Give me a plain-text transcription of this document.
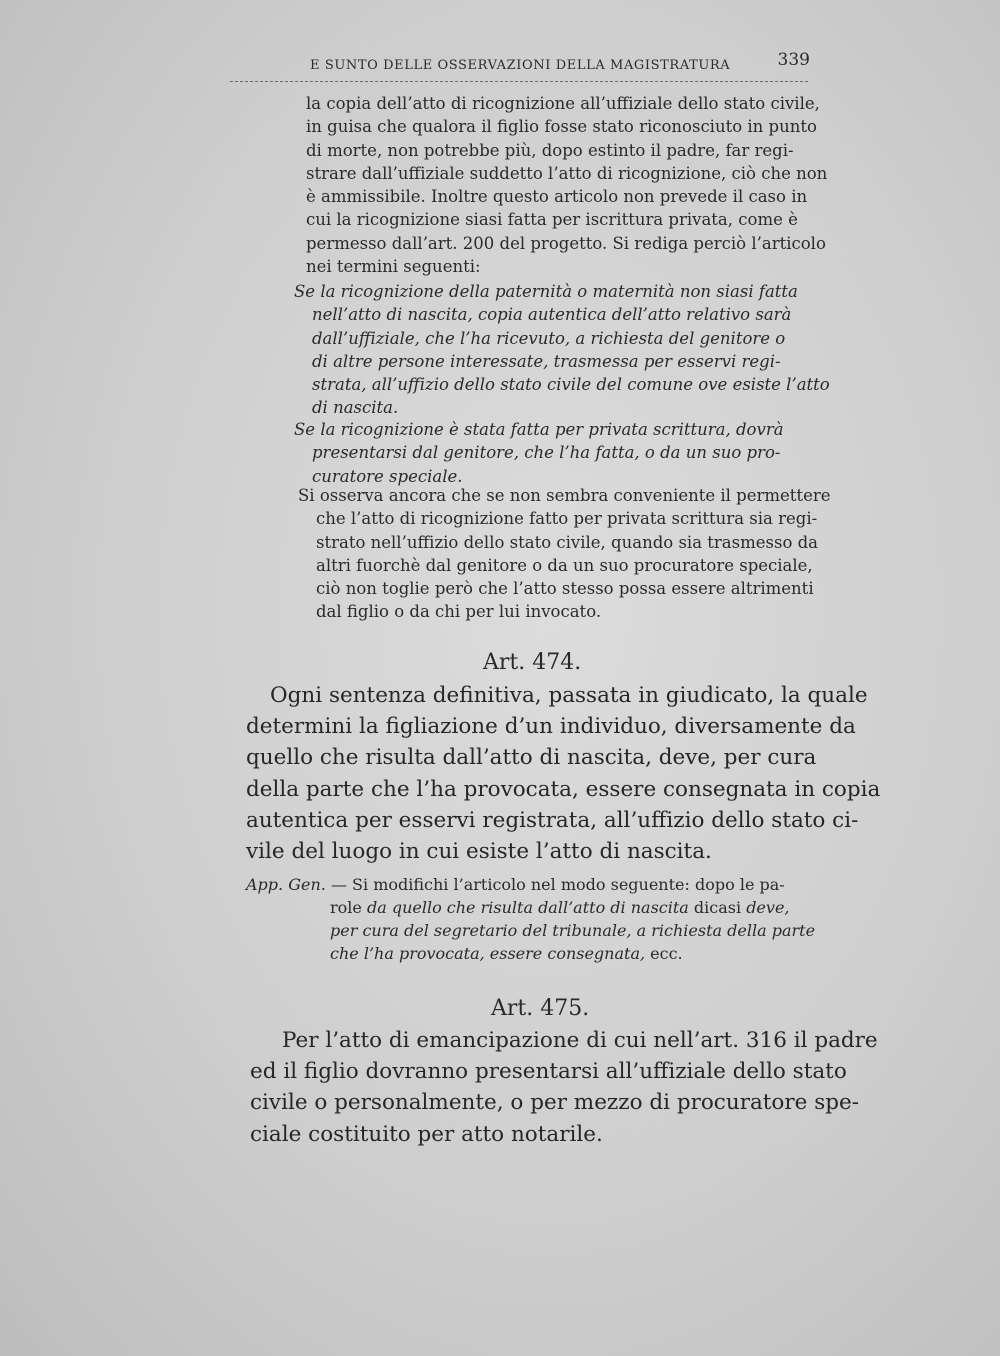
E SUNTO DELLE OSSERVAZIONI DELLA MAGISTRATURA	339
la copia dell’atto di ricognizione all’uffiziale dello stato civile,
in guisa che qualora il figlio fosse stato riconosciuto in punto
di morte, non potrebbe più, dopo estinto il padre, far regi-
strare dall’uffiziale suddetto l’atto di ricognizione, ciò che non
è ammissibile. Inoltre questo articolo non prevede il caso in
cui la ricognizione siasi fatta per iscrittura privata, come è
permesso dall’art. 200 del progetto. Si rediga perciò l’articolo
nei termini seguenti:
Se la ricognizione della paternità o maternità non siasi fatta
nell’atto di nascita, copia autentica dell’atto relativo sarà
dall’uffiziale, che l’ha ricevuto, a richiesta del genitore o
di altre persone interessate, trasmessa per esservi regi-
strata, all’uffizio dello stato civile del comune ove esiste l’atto
di nascita.
Se la ricognizione è stata fatta per privata scrittura, dovrà
presentarsi dal genitore, che l’ha fatta, o da un suo pro-
curatore speciale.
Si osserva ancora che se non sembra conveniente il permettere
che l’atto di ricognizione fatto per privata scrittura sia regi-
strato nell’uffizio dello stato civile, quando sia trasmesso da
altri fuorchè dal genitore o da un suo procuratore speciale,
ciò non toglie però che l’atto stesso possa essere altrimenti
dal figlio o da chi per lui invocato.
Art. 474.
Ogni sentenza definitiva, passata in giudicato, la quale
determini la figliazione d’un individuo, diversamente da
quello che risulta dall’atto di nascita, deve, per cura
della parte che l’ha provocata, essere consegnata in copia
autentica per esservi registrata, all’uffizio dello stato ci-
vile del luogo in cui esiste l’atto di nascita.
App. Gen. — Si modifichi l’articolo nel modo seguente: dopo le pa-
role da quello che risulta dall’atto di nascita dicasi deve,
per cura del segretario del tribunale, a richiesta della parte
che l’ha provocata, essere consegnata, ecc.
Art. 475.
Per l’atto di emancipazione di cui nell’art. 316 il padre
ed il figlio dovranno presentarsi all’uffiziale dello stato
civile o personalmente, o per mezzo di procuratore spe-
ciale costituito per atto notarile.
